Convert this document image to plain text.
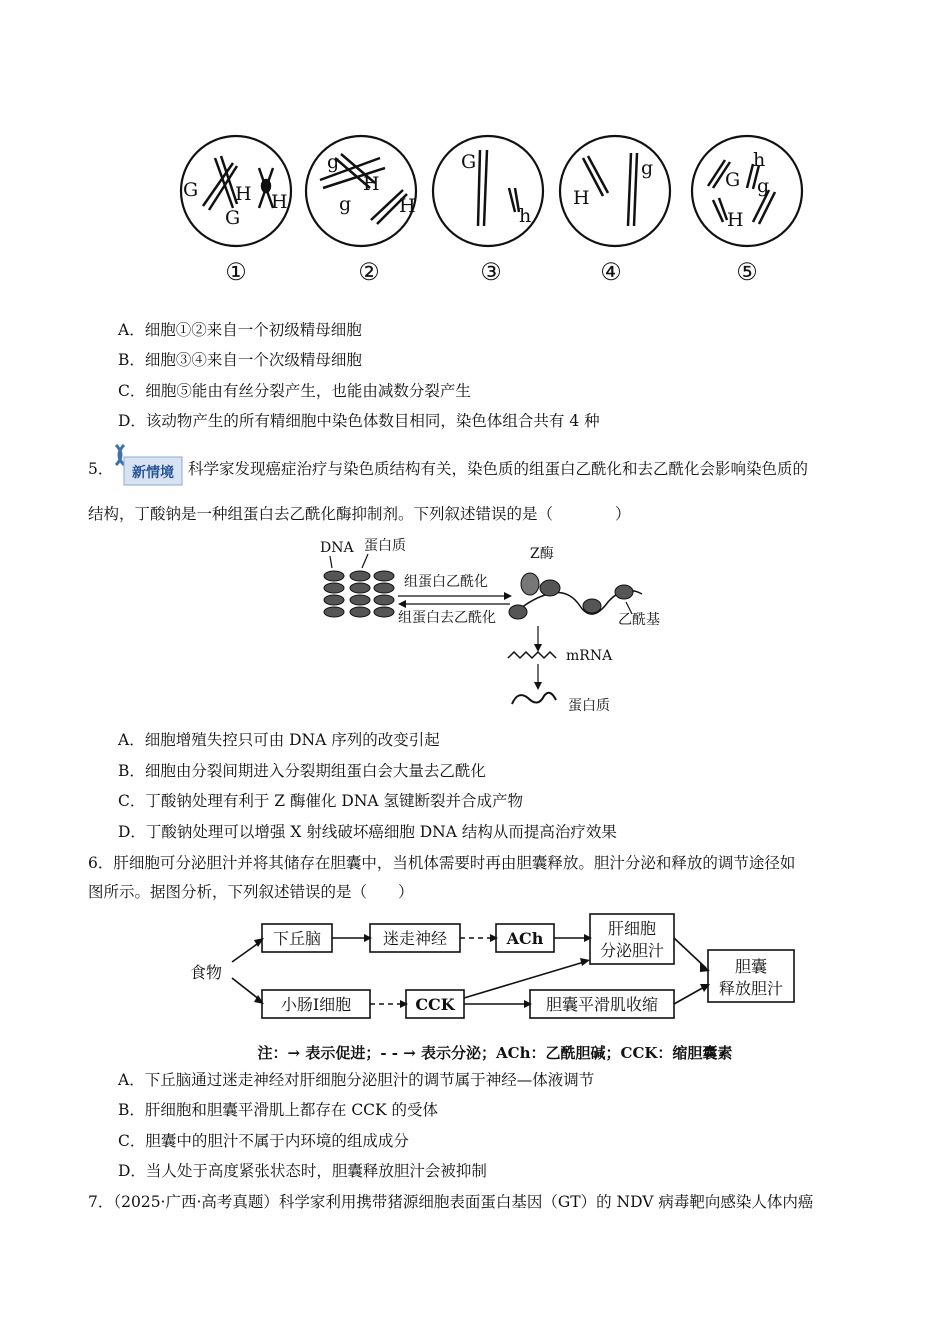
G H
G
H
g
H
g	H
G
h
H
g	h
G g
H
①	②	③	④	⑤
A．细胞①②来自一个初级精母细胞
B．细胞③④来自一个次级精母细胞
C．细胞⑤能由有丝分裂产生，也能由减数分裂产生
D．该动物产生的所有精细胞中染色体数目相同，染色体组合共有 4 种
5． 新情境 科学家发现癌症治疗与染色质结构有关，染色质的组蛋白乙酰化和去乙酰化会影响染色质的
结构，丁酸钠是一种组蛋白去乙酰化酶抑制剂。下列叙述错误的是（　　　　）
DNA 蛋白质
组蛋白乙酰化
组蛋白去乙酰化
Z酶
乙酰基
mRNA
蛋白质
A．细胞增殖失控只可由 DNA 序列的改变引起
B．细胞由分裂间期进入分裂期组蛋白会大量去乙酰化
C．丁酸钠处理有利于 Z 酶催化 DNA 氢键断裂并合成产物
D．丁酸钠处理可以增强 X 射线破坏癌细胞 DNA 结构从而提高治疗效果
6．肝细胞可分泌胆汁并将其储存在胆囊中，当机体需要时再由胆囊释放。胆汁分泌和释放的调节途径如
图所示。据图分析，下列叙述错误的是（　　）
食物
下丘脑	迷走神经	ACh
肝细胞
分泌胆汁
胆囊
释放胆汁
小肠Ⅰ细胞	CCK	胆囊平滑肌收缩
注：→ 表示促进；- - → 表示分泌；ACh：乙酰胆碱；CCK：缩胆囊素
A．下丘脑通过迷走神经对肝细胞分泌胆汁的调节属于神经—体液调节
B．肝细胞和胆囊平滑肌上都存在 CCK 的受体
C．胆囊中的胆汁不属于内环境的组成成分
D．当人处于高度紧张状态时，胆囊释放胆汁会被抑制
7．（2025·广西·高考真题）科学家利用携带猪源细胞表面蛋白基因（GT）的 NDV 病毒靶向感染人体内癌
